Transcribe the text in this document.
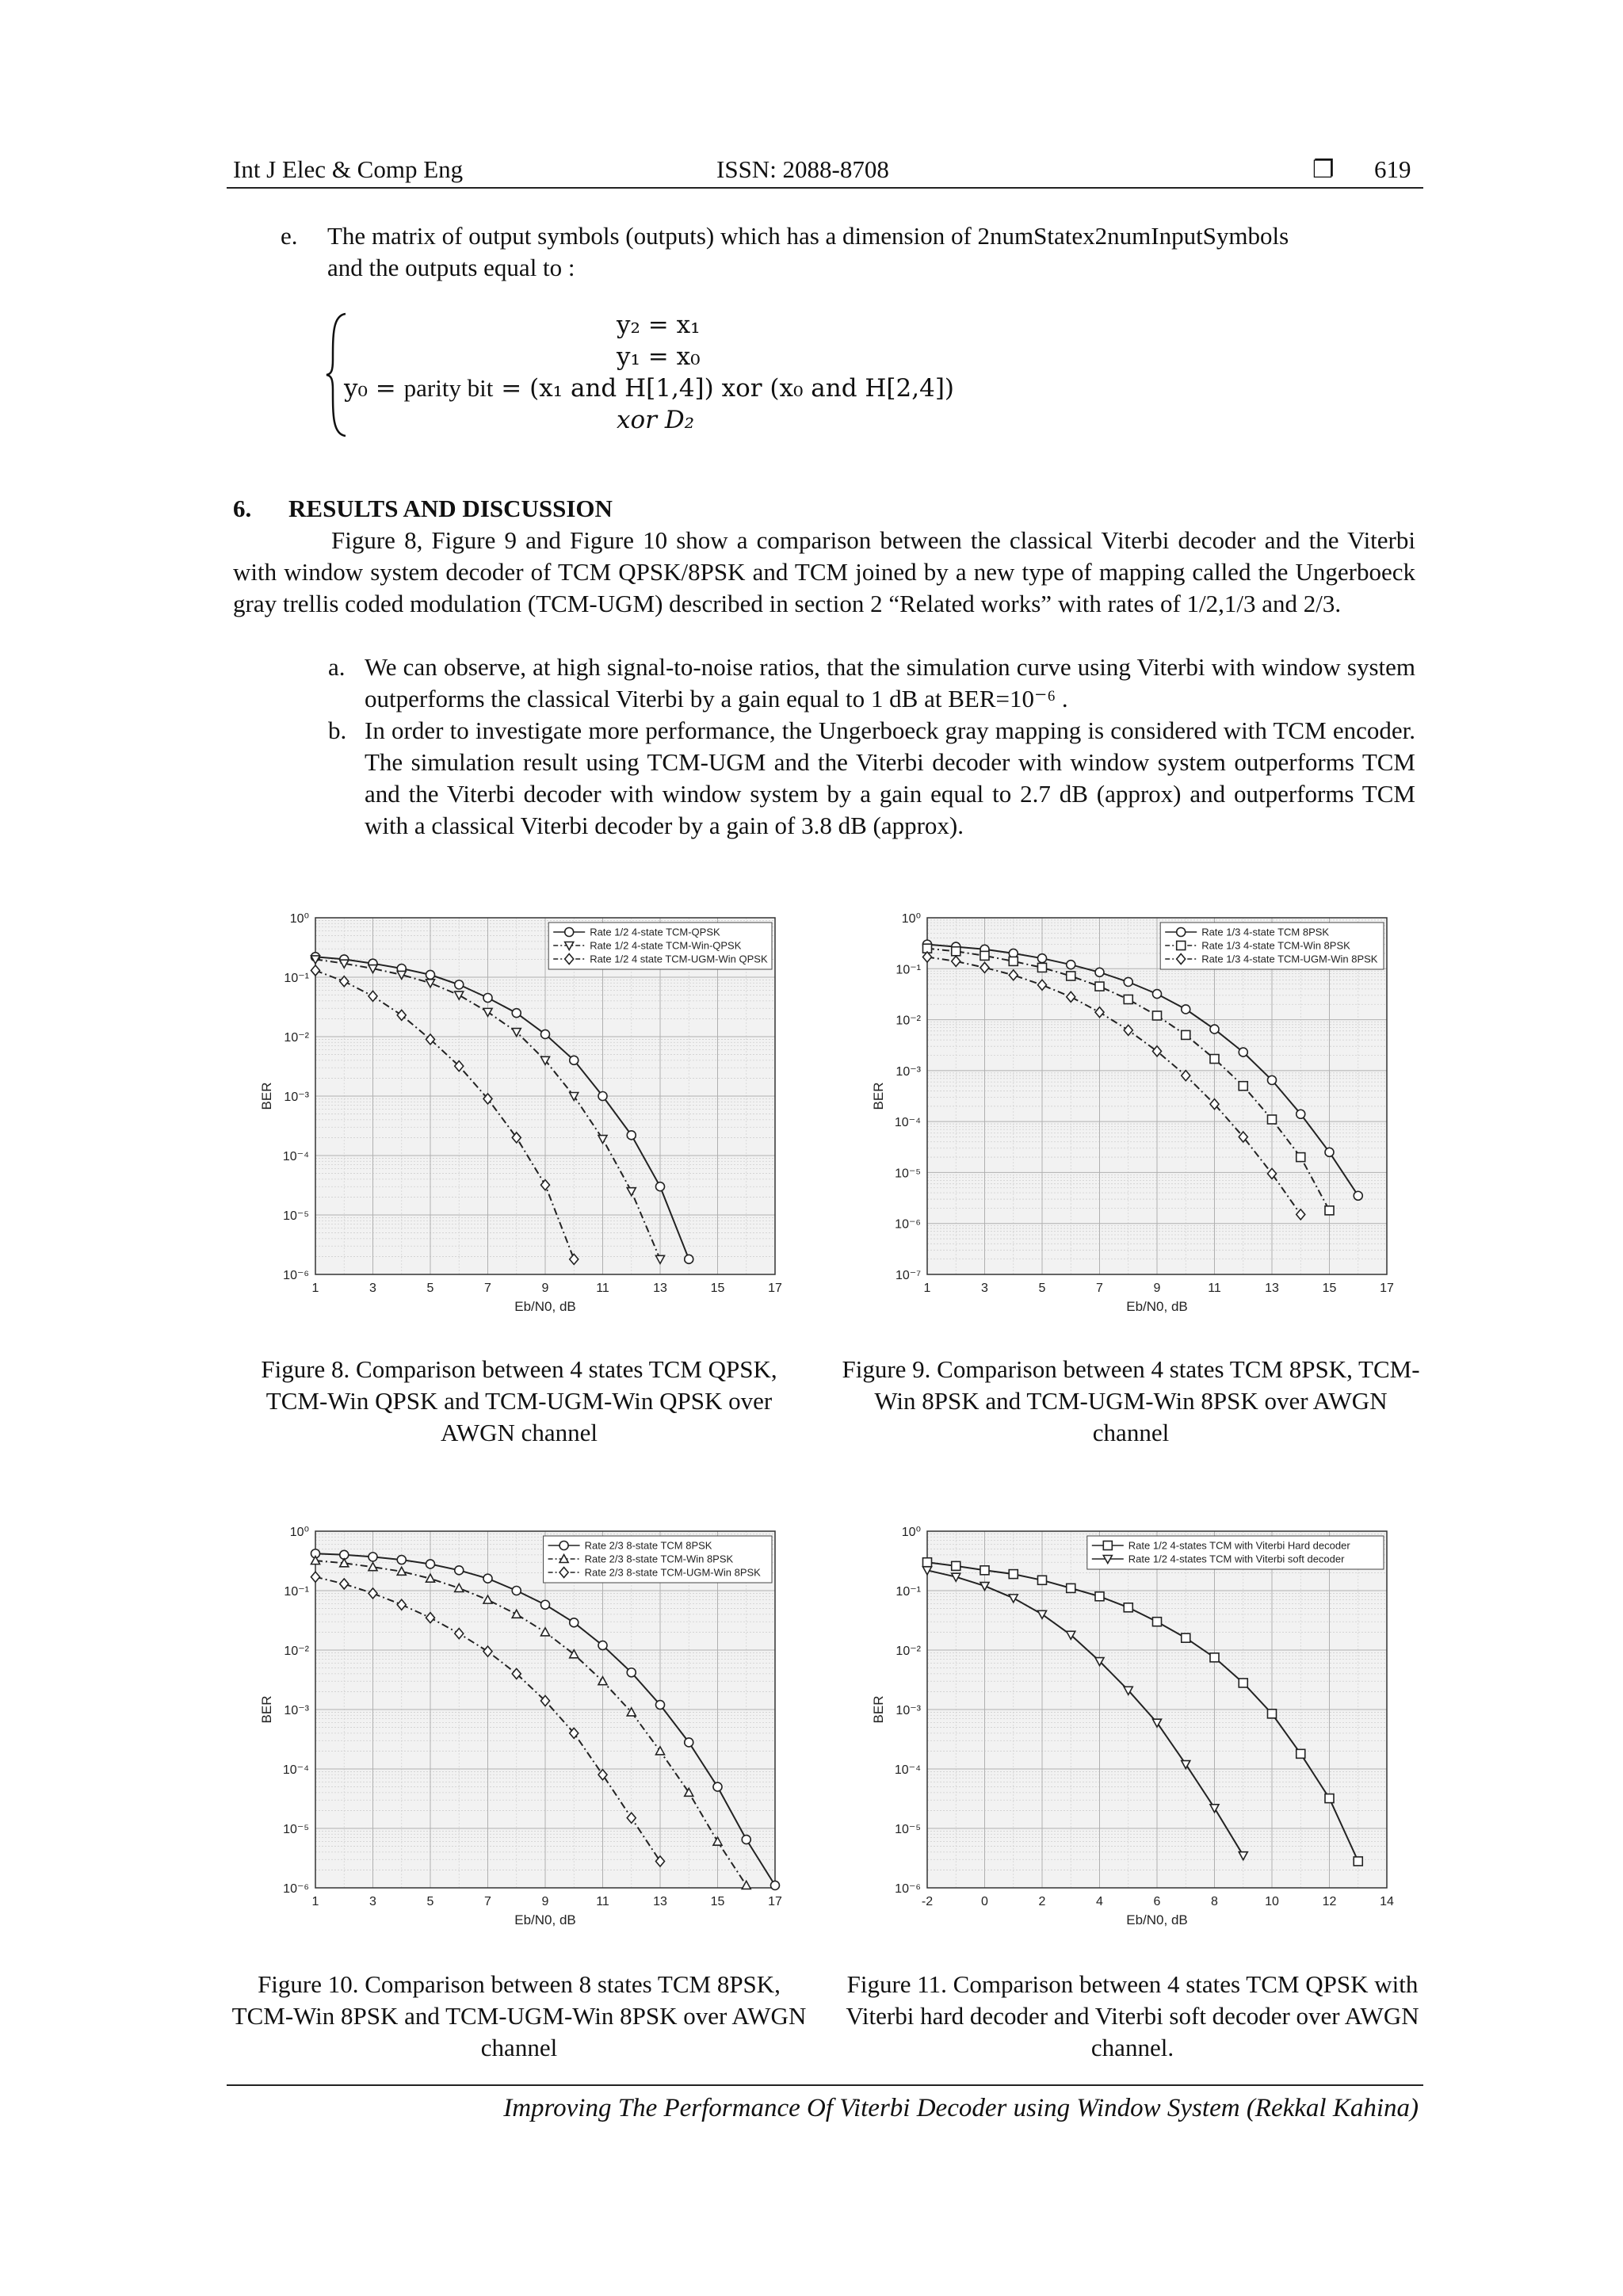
Int J Elec & Comp Eng	ISSN: 2088-8708	❐ 619
e. The matrix of output symbols (outputs) which has a dimension of 2numStatex2numInputSymbols
and the outputs equal to :
y₂ = x₁
y₁ = x₀
y₀ = parity bit = (x₁ and H[1,4]) xor (x₀ and H[2,4])
xor D₂
6. RESULTS AND DISCUSSION
Figure 8, Figure 9 and Figure 10 show a comparison between the classical Viterbi decoder and the Viterbi with window system decoder of TCM QPSK/8PSK and TCM joined by a new type of mapping called the Ungerboeck gray trellis coded modulation (TCM-UGM) described in section 2 “Related works” with rates of 1/2,1/3 and 2/3.
a. We can observe, at high signal-to-noise ratios, that the simulation curve using Viterbi with window system outperforms the classical Viterbi by a gain equal to 1 dB at BER=10⁻⁶ .
b. In order to investigate more performance, the Ungerboeck gray mapping is considered with TCM encoder. The simulation result using TCM-UGM and the Viterbi decoder with window system outperforms TCM and the Viterbi decoder with window system by a gain equal to 2.7 dB (approx) and outperforms TCM with a classical Viterbi decoder by a gain of 3.8 dB (approx).
1	3	5	7	9	11	13	15	17
10⁰
10⁻¹
10⁻²
10⁻³
10⁻⁴
10⁻⁵
10⁻⁶
Eb/N0, dB
BER
Rate 1/2 4-state TCM-QPSK
Rate 1/2 4-state TCM-Win-QPSK
Rate 1/2 4 state TCM-UGM-Win QPSK
1	3	5	7	9	11	13	15	17
10⁰
10⁻¹
10⁻²
10⁻³
10⁻⁴
10⁻⁵
10⁻⁶
10⁻⁷
Eb/N0, dB
BER
Rate 1/3 4-state TCM 8PSK
Rate 1/3 4-state TCM-Win 8PSK
Rate 1/3 4-state TCM-UGM-Win 8PSK
1	3	5	7	9	11	13	15	17
10⁰
10⁻¹
10⁻²
10⁻³
10⁻⁴
10⁻⁵
10⁻⁶
Eb/N0, dB
BER
Rate 2/3 8-state TCM 8PSK
Rate 2/3 8-state TCM-Win 8PSK
Rate 2/3 8-state TCM-UGM-Win 8PSK
-2	0	2	4	6	8	10	12	14
10⁰
10⁻¹
10⁻²
10⁻³
10⁻⁴
10⁻⁵
10⁻⁶
Eb/N0, dB
BER
Rate 1/2 4-states TCM with Viterbi Hard decoder
Rate 1/2 4-states TCM with Viterbi soft decoder
Figure 8. Comparison between 4 states TCM QPSK, TCM-Win QPSK and TCM-UGM-Win QPSK over AWGN channel
Figure 9. Comparison between 4 states TCM 8PSK, TCM-Win 8PSK and TCM-UGM-Win 8PSK over AWGN channel
Figure 10. Comparison between 8 states TCM 8PSK, TCM-Win 8PSK and TCM-UGM-Win 8PSK over AWGN channel
Figure 11. Comparison between 4 states TCM QPSK with Viterbi hard decoder and Viterbi soft decoder over AWGN channel.
Improving The Performance Of Viterbi Decoder using Window System (Rekkal Kahina)
